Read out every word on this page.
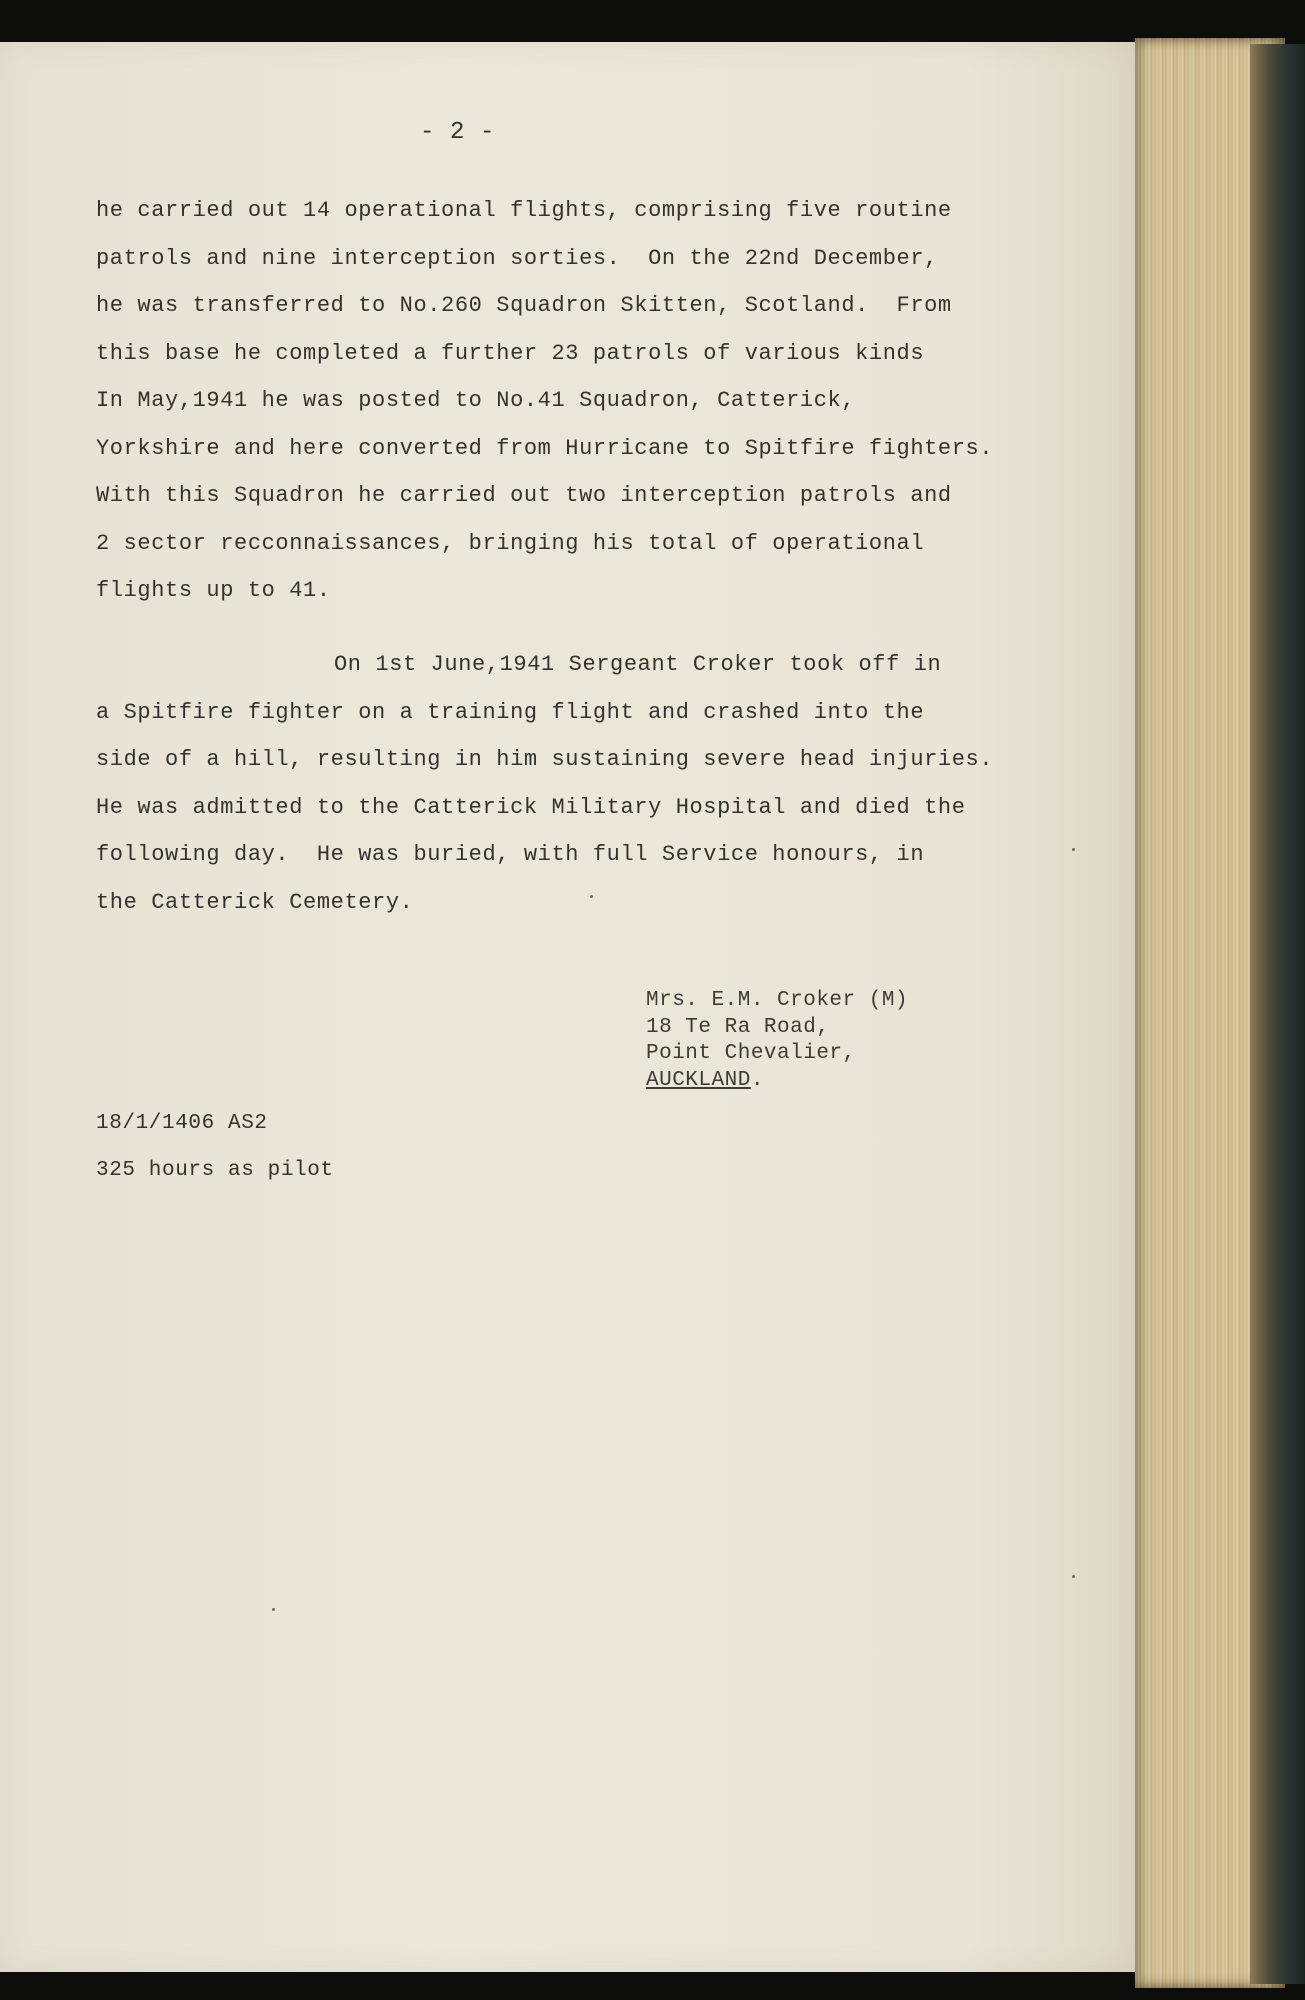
- 2 -
he carried out 14 operational flights, comprising five routine
patrols and nine interception sorties.  On the 22nd December,
he was transferred to No.260 Squadron Skitten, Scotland.  From
this base he completed a further 23 patrols of various kinds
In May,1941 he was posted to No.41 Squadron, Catterick,
Yorkshire and here converted from Hurricane to Spitfire fighters.
With this Squadron he carried out two interception patrols and
2 sector recconnaissances, bringing his total of operational
flights up to 41.
On 1st June,1941 Sergeant Croker took off in
a Spitfire fighter on a training flight and crashed into the
side of a hill, resulting in him sustaining severe head injuries.
He was admitted to the Catterick Military Hospital and died the
following day.  He was buried, with full Service honours, in
the Catterick Cemetery.
Mrs. E.M. Croker (M)
18 Te Ra Road,
Point Chevalier,
AUCKLAND.
18/1/1406 AS2
325 hours as pilot
